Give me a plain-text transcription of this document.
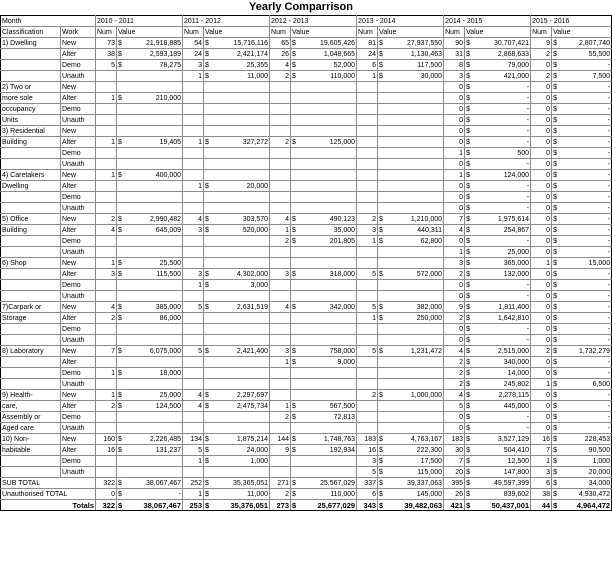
Yearly Comparrison
Month		2010 - 2011			2011 - 2012			2012 - 2013			2013 - 2014			2014 - 2015			2015 - 2016		
Classification	Work	Num	Value		Num	Value		Num	Value		Num	Value		Num	Value		Num	Value	
1) Dwelling	New	73	$	21,918,885	54	$	15,716,116	65	$	19,605,426	81	$	27,937,550	90	$	30,707,421	9	$	2,807,740
	Alter	38	$	2,593,189	24	$	2,421,174	26	$	1,048,665	24	$	1,130,463	31	$	2,868,633	2	$	55,500
	Demo	5	$	78,275	3	$	25,355	4	$	52,000	6	$	117,500	8	$	79,000	0	$	-
	Unauth				1	$	11,000	2	$	110,000	1	$	30,000	3	$	421,000	2	$	7,500
2) Two or	New													0	$	-	0	$	-
more sole	Alter	1	$	210,000										0	$	-	0	$	-
occupancy	Demo													0	$	-	0	$	-
Units	Unauth													0	$	-	0	$	-
3) Residential	New													0	$	-	0	$	-
Building	Alter	1	$	19,405	1	$	327,272	2	$	125,000				0	$	-	0	$	-
	Demo													1	$	500	0	$	-
	Unauth													0	$	-	0	$	-
4) Caretakers	New	1	$	400,000										1	$	124,000	0	$	-
Dwelling	Alter				1	$	20,000							0	$	-	0	$	-
	Demo													0	$	-	0	$	-
	Unauth													0	$	-	0	$	-
5) Office	New	2	$	2,990,482	4	$	303,570	4	$	490,123	2	$	1,210,000	7	$	1,975,614	0	$	-
Building	Alter	4	$	645,009	3	$	520,000	1	$	35,000	3	$	440,311	4	$	254,867	0	$	-
	Demo							2	$	201,805	1	$	62,800	0	$	-	0	$	-
	Unauth													1	$	25,000	0	$	-
6) Shop	New	1	$	25,500										3	$	365,000	1	$	15,000
	Alter	3	$	115,500	3	$	4,302,000	3	$	318,000	5	$	572,000	2	$	132,000	0	$	-
	Demo				1	$	3,000							0	$	-	0	$	-
	Unauth													0	$	-	0	$	-
7)Carpark or	New	4	$	385,000	5	$	2,631,519	4	$	342,000	5	$	382,000	9	$	1,811,400	0	$	-
Storage	Alter	2	$	86,000							1	$	250,000	2	$	1,642,810	0	$	-
	Demo													0	$	-	0	$	-
	Unauth													0	$	-	0	$	-
8) Laboratory	New	7	$	6,075,000	5	$	2,421,400	3	$	758,000	5	$	1,231,472	4	$	2,515,000	2	$	1,732,279
	Alter							1	$	9,000				2	$	340,000	0	$	-
	Demo	1	$	18,000										2	$	14,000	0	$	-
	Unauth													2	$	245,802	1	$	6,500
9) Health-	New	1	$	25,000	4	$	2,297,697				2	$	1,000,000	4	$	2,278,115	0	$	-
care,	Alter	2	$	124,500	4	$	2,475,734	1	$	567,500				5	$	445,000	0	$	-
Assembly or	Demo							2	$	72,813				0	$	-	0	$	-
Aged care	Unauth													0	$	-	0	$	-
10) Non-	New	160	$	2,226,485	134	$	1,875,214	144	$	1,748,763	183	$	4,763,167	183	$	3,527,129	16	$	228,453
habitable	Alter	16	$	131,237	5	$	24,000	9	$	192,934	16	$	222,300	30	$	504,410	7	$	90,500
	Demo				1	$	1,000				3	$	17,500	7	$	12,500	1	$	1,000
	Unauth										5	$	115,000	20	$	147,800	3	$	20,000
SUB TOTAL		322	$	38,067,467	252	$	35,365,051	271	$	25,567,029	337	$	39,337,063	395	$	49,597,399	6	$	34,000
Unauthorised TOTAL		0	$	-	1	$	11,000	2	$	110,000	6	$	145,000	26	$	839,602	38	$	4,930,472
Totals		322	$	38,067,467	253	$	35,376,051	273	$	25,677,029	343	$	39,482,063	421	$	50,437,001	44	$	4,964,472
